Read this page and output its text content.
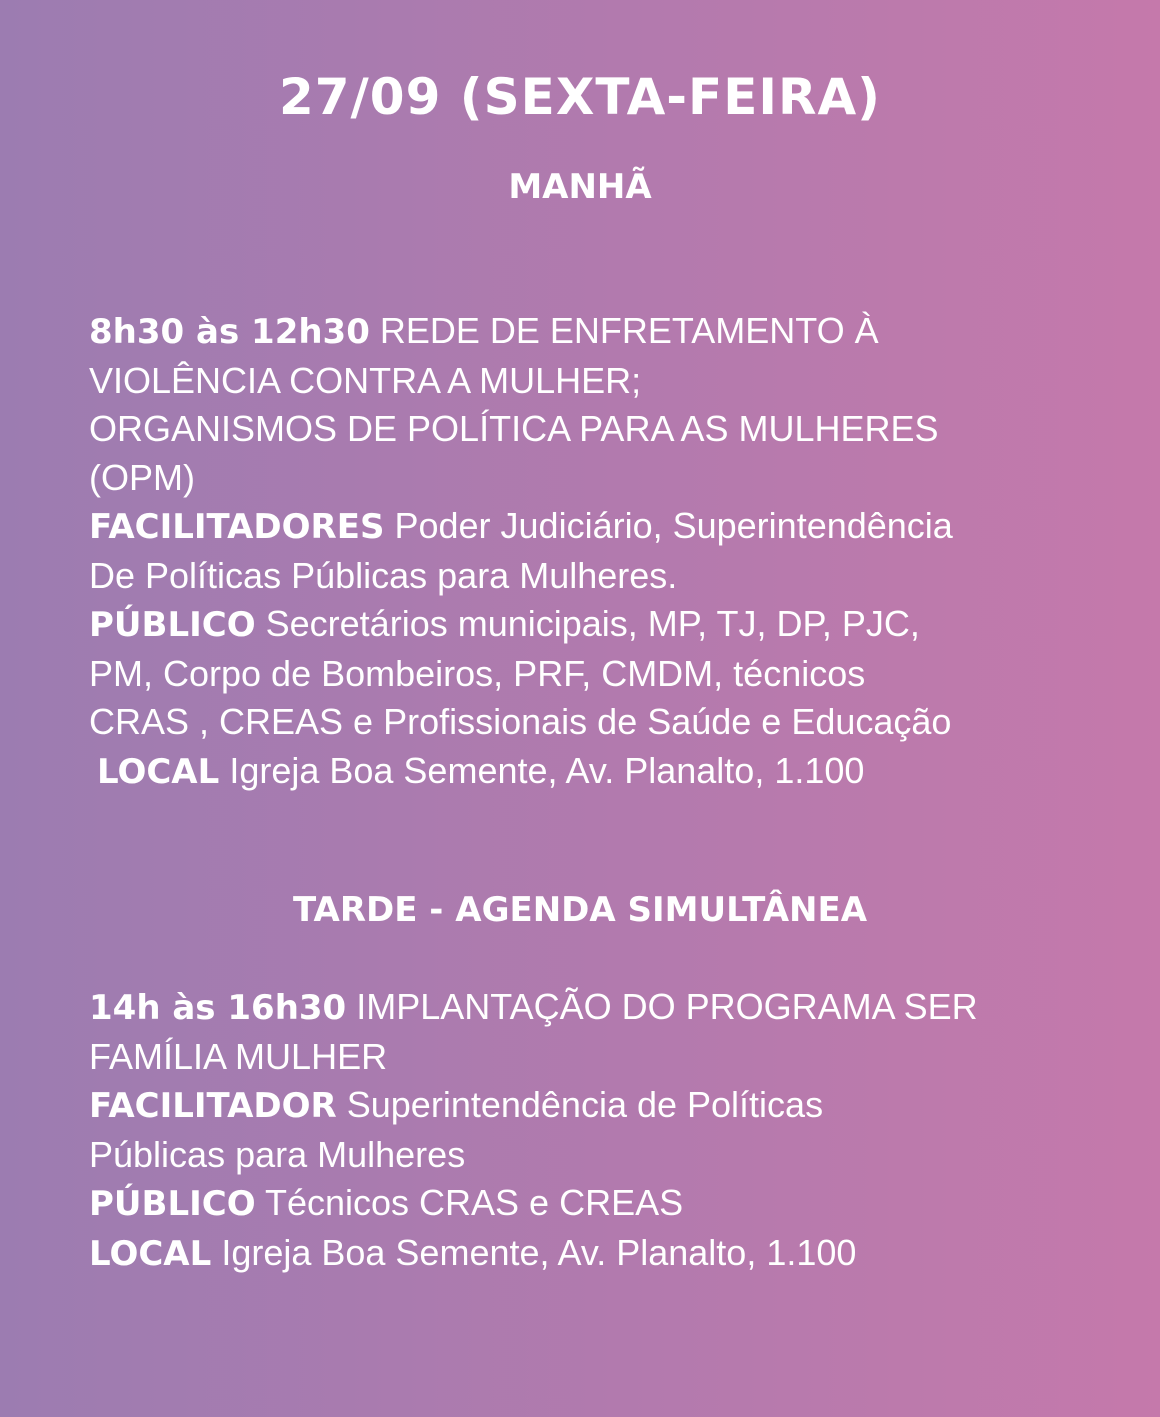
27/09 (SEXTA-FEIRA)
MANHÃ
8h30 às 12h30 REDE DE ENFRETAMENTO À
VIOLÊNCIA CONTRA A MULHER;
ORGANISMOS DE POLÍTICA PARA AS MULHERES
(OPM)
FACILITADORES Poder Judiciário, Superintendência
De Políticas Públicas para Mulheres.
PÚBLICO Secretários municipais, MP, TJ, DP, PJC,
PM, Corpo de Bombeiros, PRF, CMDM, técnicos
CRAS , CREAS e Profissionais de Saúde e Educação
LOCAL Igreja Boa Semente, Av. Planalto, 1.100
TARDE - AGENDA SIMULTÂNEA
14h às 16h30 IMPLANTAÇÃO DO PROGRAMA SER
FAMÍLIA MULHER
FACILITADOR Superintendência de Políticas
Públicas para Mulheres
PÚBLICO Técnicos CRAS e CREAS
LOCAL Igreja Boa Semente, Av. Planalto, 1.100
